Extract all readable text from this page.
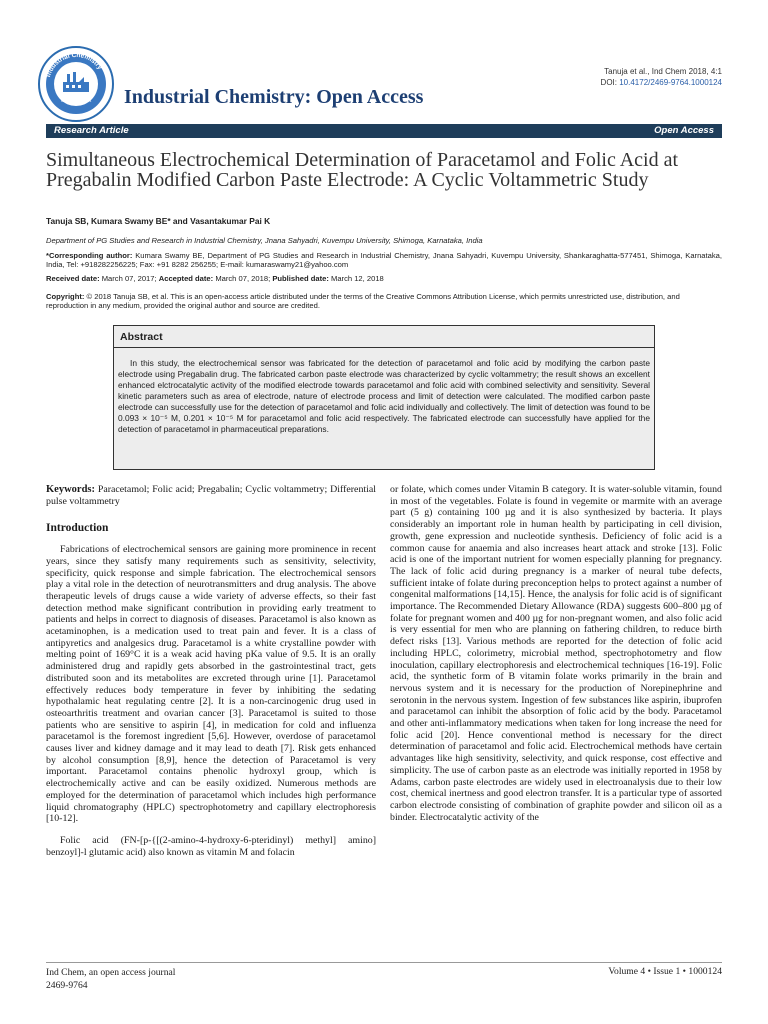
Industrial Chemistry
ISSN: 2469-9764 Industrial Chemistry: Open Access
Tanuja et al., Ind Chem 2018, 4:1
DOI: 10.4172/2469-9764.1000124
Research Article	Open Access
Simultaneous Electrochemical Determination of Paracetamol and Folic Acid at Pregabalin Modified Carbon Paste Electrode: A Cyclic Voltammetric Study
Tanuja SB, Kumara Swamy BE* and Vasantakumar Pai K
Department of PG Studies and Research in Industrial Chemistry, Jnana Sahyadri, Kuvempu University, Shimoga, Karnataka, India
*Corresponding author: Kumara Swamy BE, Department of PG Studies and Research in Industrial Chemistry, Jnana Sahyadri, Kuvempu University, Shankaraghatta-577451, Shimoga, Karnataka, India, Tel: +918282256225; Fax: +91 8282 256255; E-mail: kumaraswamy21@yahoo.com
Received date: March 07, 2017; Accepted date: March 07, 2018; Published date: March 12, 2018
Copyright: © 2018 Tanuja SB, et al. This is an open-access article distributed under the terms of the Creative Commons Attribution License, which permits unrestricted use, distribution, and reproduction in any medium, provided the original author and source are credited.
Abstract
In this study, the electrochemical sensor was fabricated for the detection of paracetamol and folic acid by modifying the carbon paste electrode using Pregabalin drug. The fabricated carbon paste electrode was characterized by cyclic voltammetry; the result shows an excellent enhanced elctrocatalytic activity of the modified electrode towards paracetamol and folic acid with combined selectivity and sensitivity. Several kinetic parameters such as area of electrode, nature of electrode process and limit of detection were calculated. The modified carbon paste electrode can successfully use for the detection of paracetamol and folic acid individually and collectively. The limit of detection was found to be 0.093 × 10⁻⁵ M, 0.201 × 10⁻⁵ M for paracetamol and folic acid respectively. The fabricated electrode can successfully have applied for the detection of paracetamol in pharmaceutical preparations.

Keywords: Paracetamol; Folic acid; Pregabalin; Cyclic voltammetry; Differential pulse voltammetry

Introduction

Fabrications of electrochemical sensors are gaining more prominence in recent years, since they satisfy many requirements such as sensitivity, selectivity, specificity, quick response and simple fabrication. The electrochemical sensors play a vital role in the detection of neurotransmitters and drug analysis. The above therapeutic levels of drugs cause a wide variety of adverse effects, so their fast detection method make significant contribution in providing early treatment to patients and helps in correct to diagnosis of diseases. Paracetamol is also known as acetaminophen, is a medication used to treat pain and fever. It is a class of antipyretics and analgesics drug. Paracetamol is a white crystalline powder with melting point of 169°C it is a weak acid having pKa value of 9.5. It is an orally administered drug and rapidly gets absorbed in the gastrointestinal tract, gets distributed soon and its metabolites are excreted through urine [1]. Paracetamol effectively reduces body temperature in fever by inhibiting the sedating hypothalamic heat regulating centre [2]. It is a non-carcinogenic drug used in osteoarthritis treatment and ovarian cancer [3]. Paracetamol is suited to those patients who are sensitive to aspirin [4], in medication for cold and influenza paracetamol is the foremost ingredient [5,6]. However, overdose of paracetamol causes liver and kidney damage and it may lead to death [7]. Risk gets enhanced by alcohol consumption [8,9], hence the detection of Paracetamol is very important. Paracetamol contains phenolic hydroxyl group, which is electrochemically active and can be easily oxidized. Numerous methods are employed for the determination of paracetamol which includes high performance liquid chromatography (HPLC) spectrophotometry and capillary electrophoresis [10-12].

Folic acid (FN-[p-{[(2-amino-4-hydroxy-6-pteridinyl) methyl] amino] benzoyl]-l glutamic acid) also known as vitamin M and folacin

or folate, which comes under Vitamin B category. It is water-soluble vitamin, found in most of the vegetables. Folate is found in vegemite or marmite with an average part (5 g) containing 100 µg and it is also synthesized by bacteria. It plays considerably an important role in human health by participating in cell division, growth, gene expression and nucleotide synthesis. Deficiency of folic acid is a common cause for anaemia and also increases heart attack and stroke [13]. Folic acid is one of the important nutrient for women especially planning for pregnancy. The lack of folic acid during pregnancy is a marker of neural tube defects, sufficient intake of folate during preconception helps to protect against a number of congenital malformations [14,15]. Hence, the analysis for folic acid is of significant importance. The Recommended Dietary Allowance (RDA) suggests 600–800 µg of folate for pregnant women and 400 µg for non-pregnant women, and also folic acid is very essential for men who are planning on fathering children, to reduce birth defect risks [13]. Various methods are reported for the detection of folic acid including HPLC, colorimetry, microbial method, spectrophotometry and flow inoculation, capillary electrophoresis and electrochemical techniques [16-19]. Folic acid, the synthetic form of B vitamin folate works primarily in the brain and nervous system and it is necessary for the production of Norepinephrine and serotonin in the nervous system. Ingestion of few substances like aspirin, ibuprofen and paracetamol can inhibit the absorption of folic acid by the body. Paracetamol and other anti-inflammatory medications when taken for long increase the need for folic acid [20]. Hence conventional method is necessary for the direct determination of paracetamol and folic acid. Electrochemical methods have certain advantages like high sensitivity, selectivity, and quick response, cost effective and simplicity. The use of carbon paste as an electrode was initially reported in 1958 by Adams, carbon paste electrodes are widely used in electroanalysis due to their low cost, chemical inertness and good electron transfer. It is a particular type of assorted carbon electrode consisting of combination of graphite powder and silicon oil as a binder. Electrocatalytic activity of the

Ind Chem, an open access journal
2469-9764
Volume 4 • Issue 1 • 1000124
